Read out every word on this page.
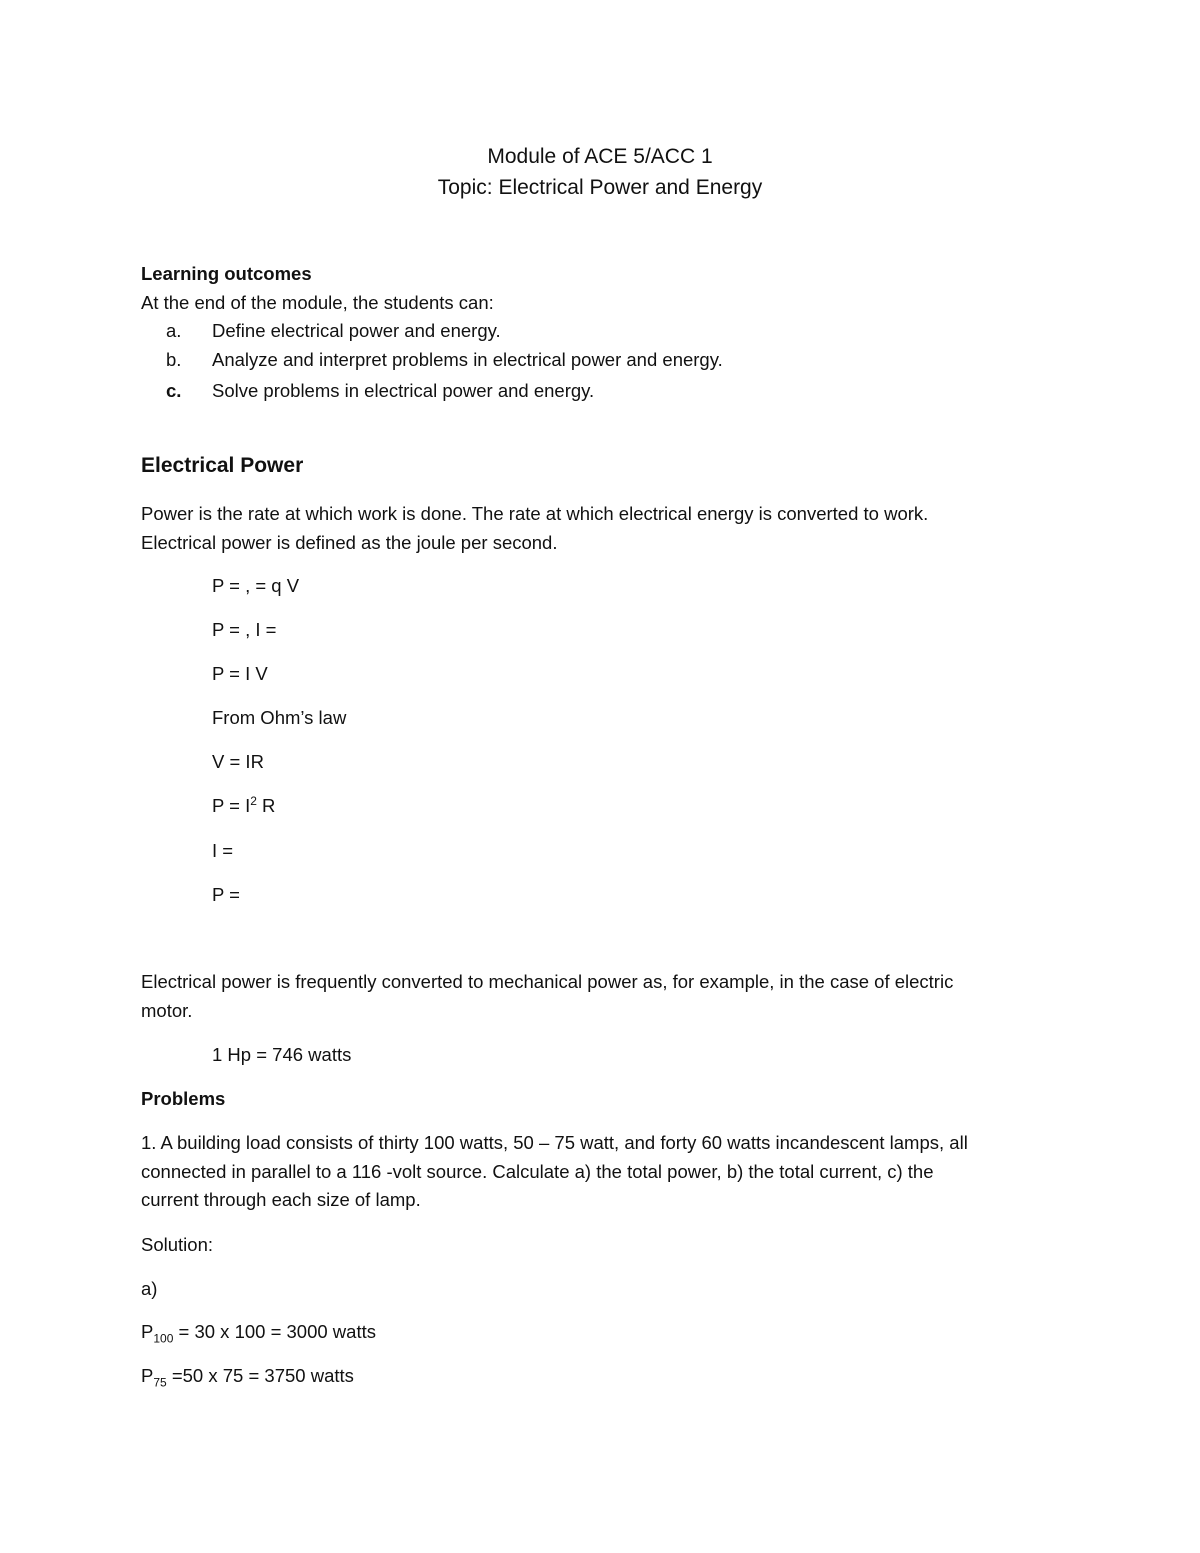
Module of ACE 5/ACC 1
Topic: Electrical Power and Energy
Learning outcomes
At the end of the module, the students can:
a. Define electrical power and energy.
b. Analyze and interpret problems in electrical power and energy.
c. Solve problems in electrical power and energy.
Electrical Power
Power is the rate at which work is done. The rate at which electrical energy is converted to work.
Electrical power is defined as the joule per second.
P = , = q V
P = , I =
P = I V
From Ohm’s law
V = IR
$P = I^2$ R
I =
P =
Electrical power is frequently converted to mechanical power as, for example, in the case of electric
motor.
1 Hp = 746 watts
Problems
1. A building load consists of thirty 100 watts, 50 – 75 watt, and forty 60 watts incandescent lamps, all
connected in parallel to a 116 -volt source. Calculate a) the total power, b) the total current, c) the
current through each size of lamp.
Solution:
a)
$P_{100} = 30$ x 100 = 3000 watts
$P_{75} =50$ x 75 = 3750 watts
